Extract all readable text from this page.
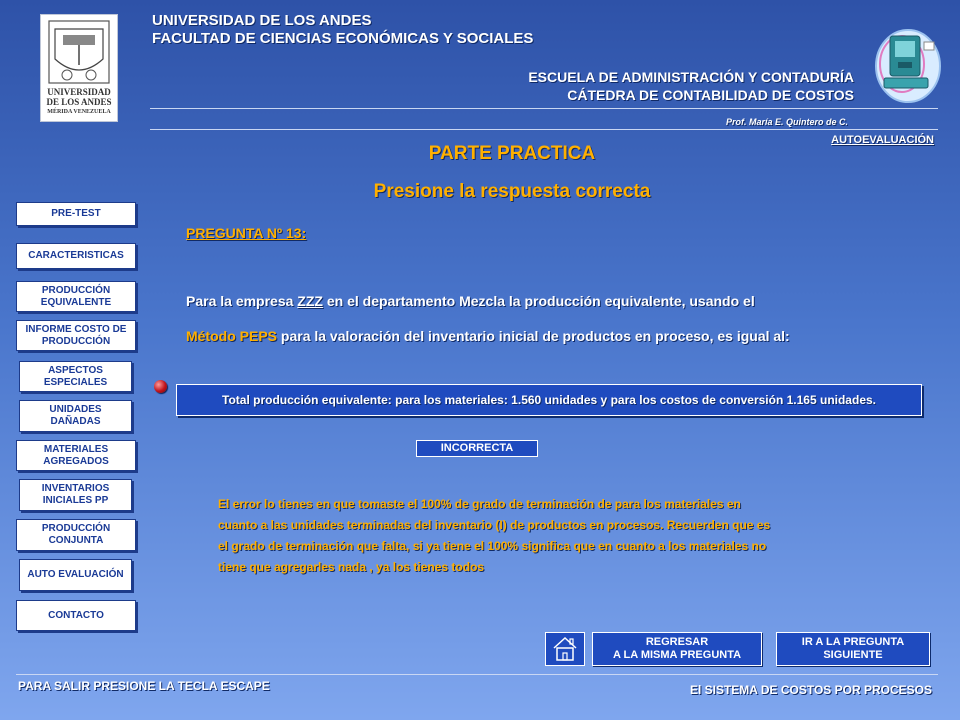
UNIVERSIDAD
DE LOS ANDES
MÉRIDA VENEZUELA
UNIVERSIDAD DE LOS ANDES
FACULTAD DE CIENCIAS ECONÓMICAS Y SOCIALES
ESCUELA DE ADMINISTRACIÓN Y CONTADURÍA
CÁTEDRA DE CONTABILIDAD DE COSTOS
Prof. María E. Quintero de C.
AUTOEVALUACIÓN
PARTE PRACTICA
Presione la respuesta correcta
PRE-TEST
CARACTERISTICAS
PRODUCCIÓN EQUIVALENTE
INFORME COSTO DE PRODUCCIÓN
ASPECTOS ESPECIALES
UNIDADES DAÑADAS
MATERIALES AGREGADOS
INVENTARIOS INICIALES PP
PRODUCCIÓN CONJUNTA
AUTO EVALUACIÓN
CONTACTO
PREGUNTA Nº 13:
Para la empresa ZZZ en el departamento Mezcla la producción equivalente, usando el
Método PEPS para la valoración del inventario inicial de productos en proceso, es igual al:
Total producción equivalente: para los materiales: 1.560 unidades y para los costos de conversión 1.165 unidades.
INCORRECTA
El error lo tienes en que tomaste el 100% de grado de terminación de para los materiales en
cuanto a las unidades terminadas del inventario (I) de productos en procesos. Recuerden que es
el grado de terminación que falta, si ya tiene el 100% significa que en cuanto a los materiales no
tiene que agregarles nada , ya los tienes todos
REGRESAR
A LA MISMA PREGUNTA
IR A LA PREGUNTA
SIGUIENTE
PARA SALIR PRESIONE LA TECLA ESCAPE	El SISTEMA DE COSTOS POR PROCESOS
